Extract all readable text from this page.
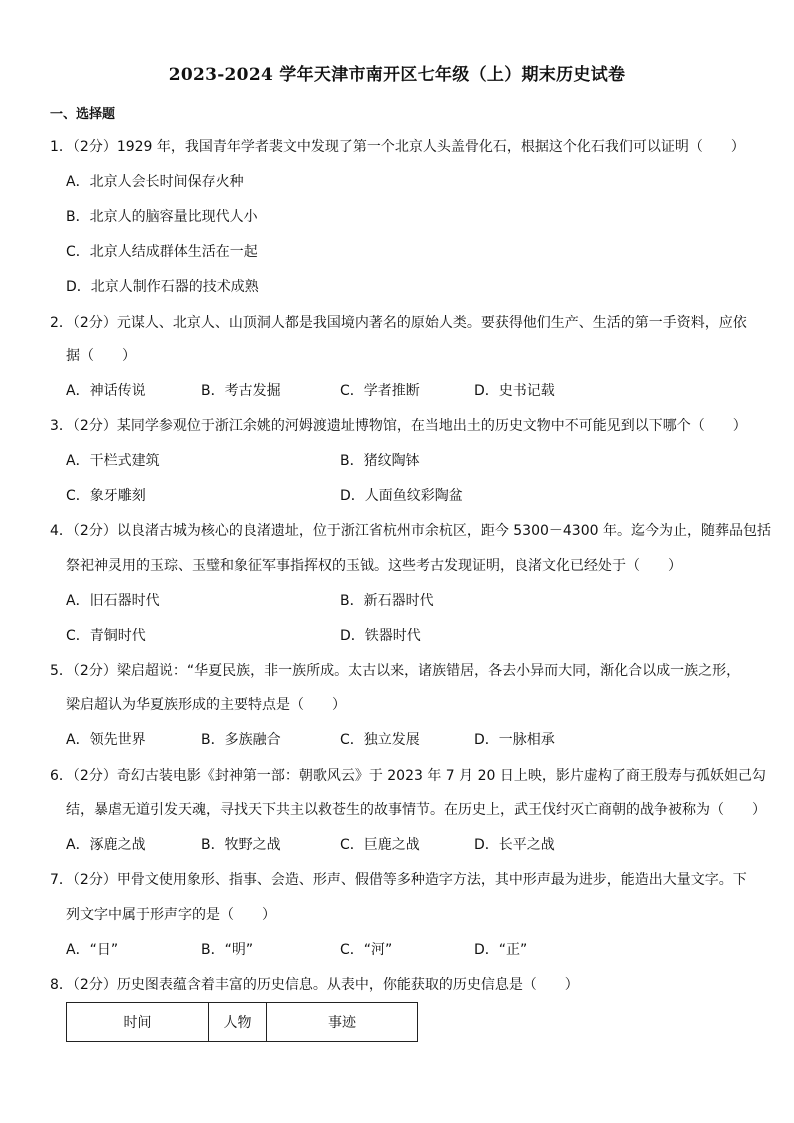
2023-2024 学年天津市南开区七年级（上）期末历史试卷
一、选择题
1．（2分）1929 年，我国青年学者裴文中发现了第一个北京人头盖骨化石，根据这个化石我们可以证明（　　）
A．北京人会长时间保存火种
B．北京人的脑容量比现代人小
C．北京人结成群体生活在一起
D．北京人制作石器的技术成熟
2．（2分）元谋人、北京人、山顶洞人都是我国境内著名的原始人类。要获得他们生产、生活的第一手资料，应依
据（　　）
A．神话传说	B．考古发掘	C．学者推断	D．史书记载
3．（2分）某同学参观位于浙江余姚的河姆渡遗址博物馆，在当地出土的历史文物中不可能见到以下哪个（　　）
A．干栏式建筑	B．猪纹陶钵
C．象牙雕刻	D．人面鱼纹彩陶盆
4．（2分）以良渚古城为核心的良渚遗址，位于浙江省杭州市余杭区，距今 5300－4300 年。迄今为止，随葬品包括
祭祀神灵用的玉琮、玉璧和象征军事指挥权的玉钺。这些考古发现证明，良渚文化已经处于（　　）
A．旧石器时代	B．新石器时代
C．青铜时代	D．铁器时代
5．（2分）梁启超说：“华夏民族，非一族所成。太古以来，诸族错居，各去小异而大同，渐化合以成一族之形，
梁启超认为华夏族形成的主要特点是（　　）
A．领先世界	B．多族融合	C．独立发展	D．一脉相承
6．（2分）奇幻古装电影《封神第一部：朝歌风云》于 2023 年 7 月 20 日上映，影片虚构了商王殷寿与孤妖妲己勾
结，暴虐无道引发天魂，寻找天下共主以救苍生的故事情节。在历史上，武王伐纣灭亡商朝的战争被称为（　　）
A．涿鹿之战	B．牧野之战	C．巨鹿之战	D．长平之战
7．（2分）甲骨文使用象形、指事、会造、形声、假借等多种造字方法，其中形声最为进步，能造出大量文字。下
列文字中属于形声字的是（　　）
A．“日”	B．“明”	C．“河”	D．“正”
8．（2分）历史图表蕴含着丰富的历史信息。从表中，你能获取的历史信息是（　　）
时间	人物	事迹
